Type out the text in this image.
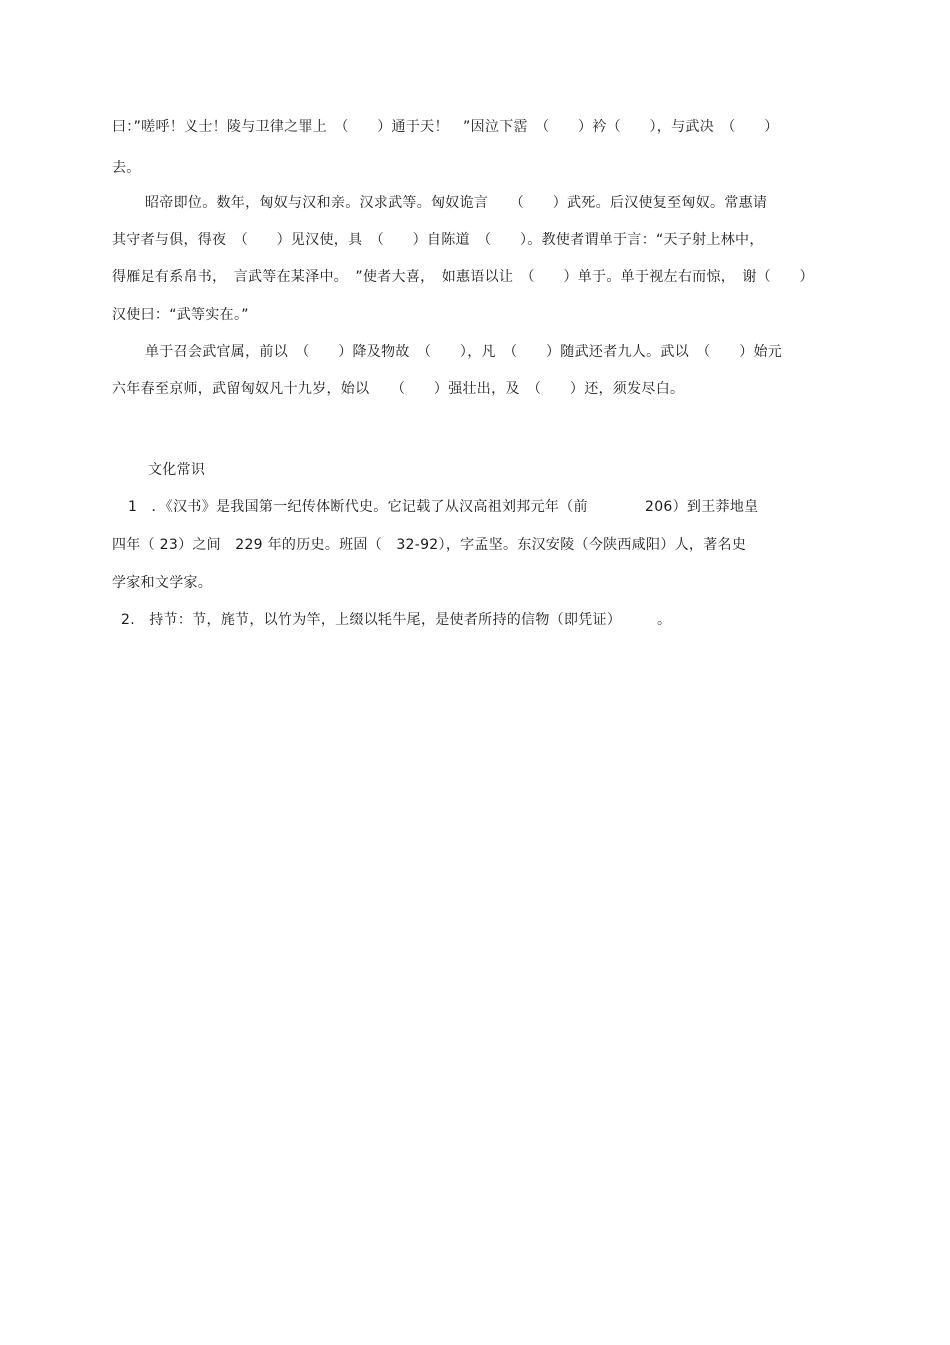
曰：”嗟呼！义士！陵与卫律之罪上　（　　）通于天！　”因泣下霑　（　　）衿（　　），与武决　（　　）
去。
昭帝即位。数年，匈奴与汉和亲。汉求武等。匈奴诡言　　（　　）武死。后汉使复至匈奴。常惠请
其守者与俱，得夜　（　　）见汉使，具　（　　）自陈道　（　　）。教使者谓单于言：“天子射上林中，
得雁足有系帛书，　言武等在某泽中。　”使者大喜，　如惠语以让　（　　）单于。单于视左右而惊，　谢（　　）
汉使曰：“武等实在。”
单于召会武官属，前以　（　　）降及物故　（　　），凡　（　　）随武还者九人。武以　（　　）始元
六年春至京师，武留匈奴凡十九岁，始以　　（　　）强壮出，及　（　　）还，须发尽白。
文化常识
1　．《汉书》是我国第一纪传体断代史。它记载了从汉高祖刘邦元年（前　　　　206）到王莽地皇
四年（ 23）之间　229 年的历史。班固（　32-92），字孟坚。东汉安陵（今陕西咸阳）人，著名史
学家和文学家。
2.　持节：节，旄节，以竹为竿，上缀以牦牛尾，是使者所持的信物（即凭证）　　　。
